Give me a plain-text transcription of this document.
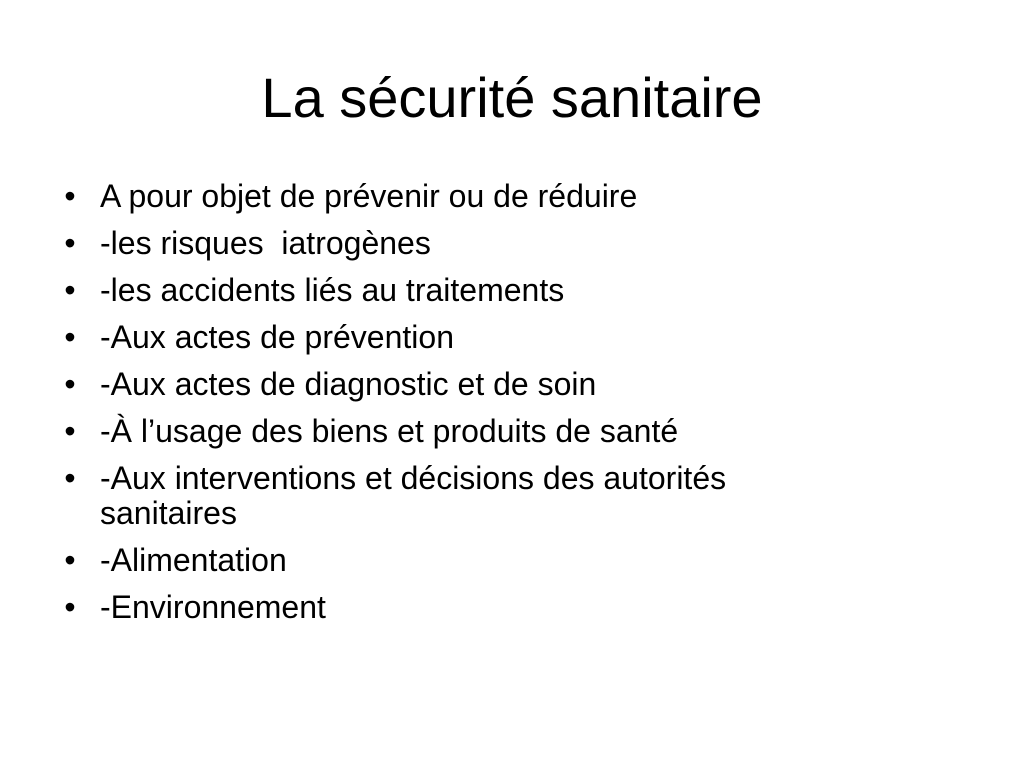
La sécurité sanitaire
• A pour objet de prévenir ou de réduire
• -les risques  iatrogènes
• -les accidents liés au traitements
• -Aux actes de prévention
• -Aux actes de diagnostic et de soin
• -À l’usage des biens et produits de santé
• -Aux interventions et décisions des autorités
sanitaires
• -Alimentation
• -Environnement
